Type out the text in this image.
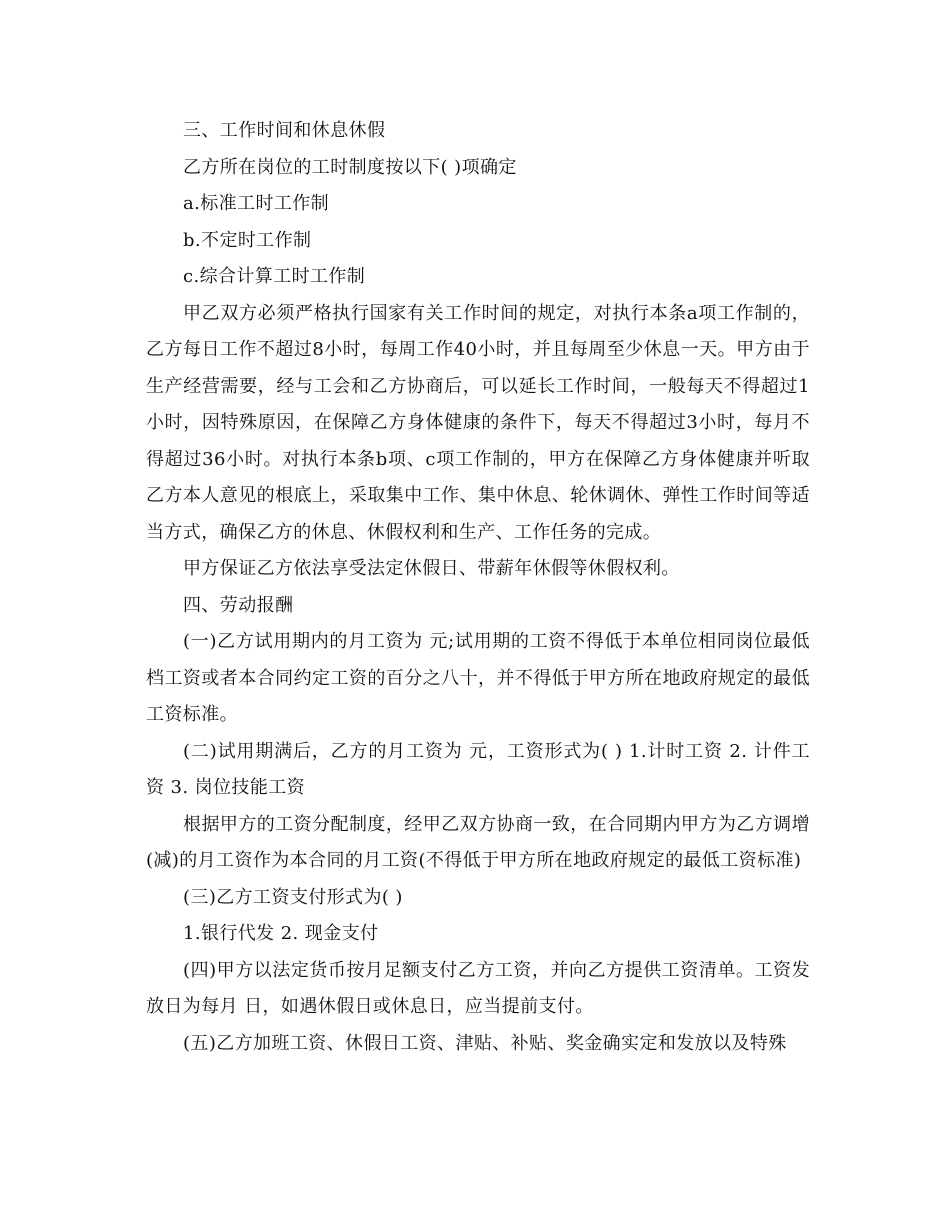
三、工作时间和休息休假

乙方所在岗位的工时制度按以下( )项确定

a.标准工时工作制

b.不定时工作制

c.综合计算工时工作制

甲乙双方必须严格执行国家有关工作时间的规定，对执行本条a项工作制的，乙方每日工作不超过8小时，每周工作40小时，并且每周至少休息一天。甲方由于生产经营需要，经与工会和乙方协商后，可以延长工作时间，一般每天不得超过1小时，因特殊原因，在保障乙方身体健康的条件下，每天不得超过3小时，每月不得超过36小时。对执行本条b项、c项工作制的，甲方在保障乙方身体健康并听取乙方本人意见的根底上，采取集中工作、集中休息、轮休调休、弹性工作时间等适当方式，确保乙方的休息、休假权利和生产、工作任务的完成。

甲方保证乙方依法享受法定休假日、带薪年休假等休假权利。

四、劳动报酬

(一)乙方试用期内的月工资为 元;试用期的工资不得低于本单位相同岗位最低档工资或者本合同约定工资的百分之八十，并不得低于甲方所在地政府规定的最低工资标准。

(二)试用期满后，乙方的月工资为 元，工资形式为( ) 1.计时工资 2. 计件工资 3. 岗位技能工资

根据甲方的工资分配制度，经甲乙双方协商一致，在合同期内甲方为乙方调增(减)的月工资作为本合同的月工资(不得低于甲方所在地政府规定的最低工资标准)

(三)乙方工资支付形式为( )

1.银行代发 2. 现金支付

(四)甲方以法定货币按月足额支付乙方工资，并向乙方提供工资清单。工资发放日为每月 日，如遇休假日或休息日，应当提前支付。

(五)乙方加班工资、休假日工资、津贴、补贴、奖金确实定和发放以及特殊
